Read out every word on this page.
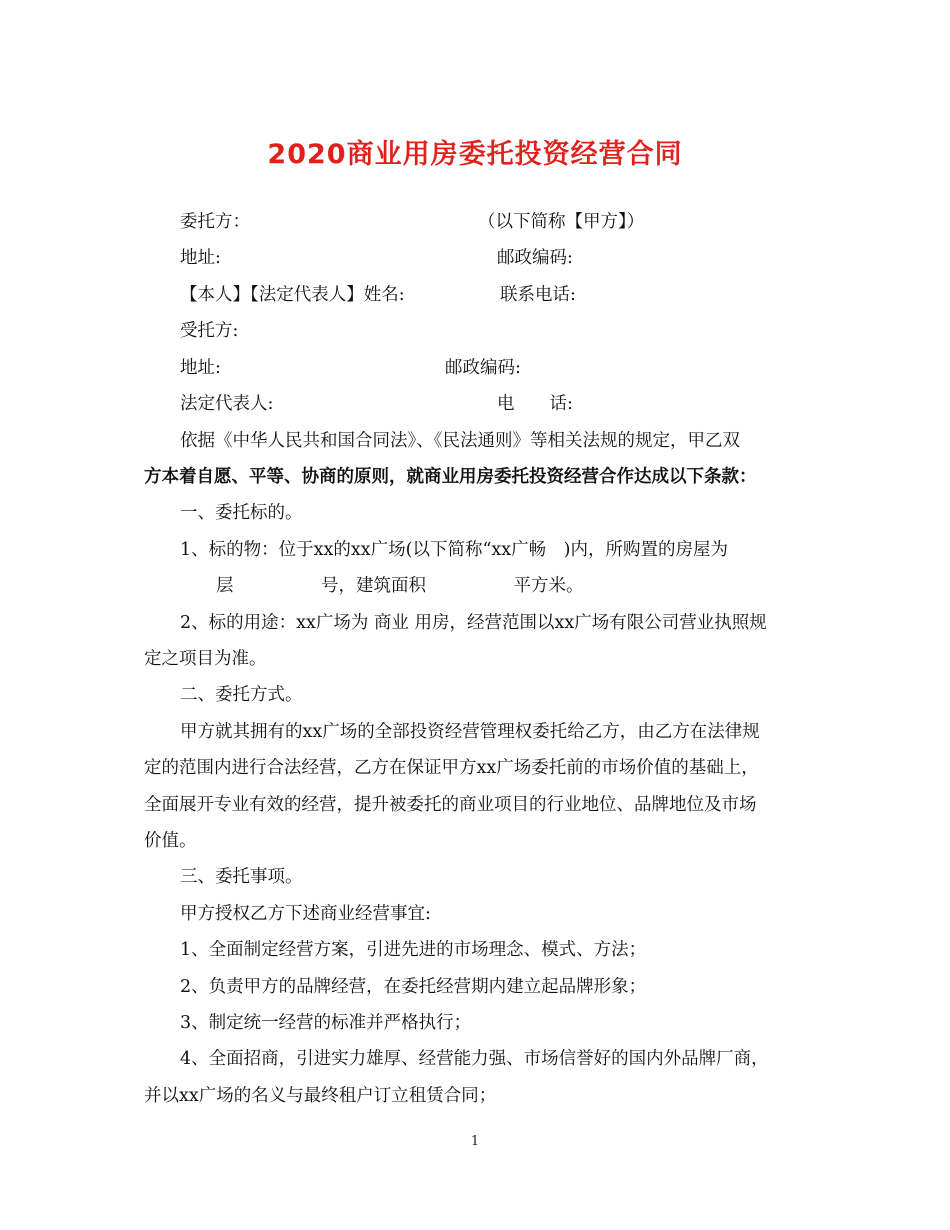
2020商业用房委托投资经营合同
委托方：	（以下简称【甲方】）
地址:	邮政编码:
【本人】【法定代表人】姓名:	联系电话:
受托方:
地址:	邮政编码:
法定代表人:	电　　话:
依据《中华人民共和国合同法》、《民法通则》等相关法规的规定，甲乙双
方本着自愿、平等、协商的原则，就商业用房委托投资经营合作达成以下条款：
一、委托标的。
1、标的物：位于xx的xx广场(以下简称“xx广畅　)内，所购置的房屋为
层　　　　　号，建筑面积　　　　　平方米。
2、标的用途：xx广场为 商业 用房，经营范围以xx广场有限公司营业执照规
定之项目为准。
二、委托方式。
甲方就其拥有的xx广场的全部投资经营管理权委托给乙方，由乙方在法律规
定的范围内进行合法经营，乙方在保证甲方xx广场委托前的市场价值的基础上，
全面展开专业有效的经营，提升被委托的商业项目的行业地位、品牌地位及市场
价值。
三、委托事项。
甲方授权乙方下述商业经营事宜:
1、全面制定经营方案，引进先进的市场理念、模式、方法；
2、负责甲方的品牌经营，在委托经营期内建立起品牌形象；
3、制定统一经营的标准并严格执行；
4、全面招商，引进实力雄厚、经营能力强、市场信誉好的国内外品牌厂商，
并以xx广场的名义与最终租户订立租赁合同；
1
